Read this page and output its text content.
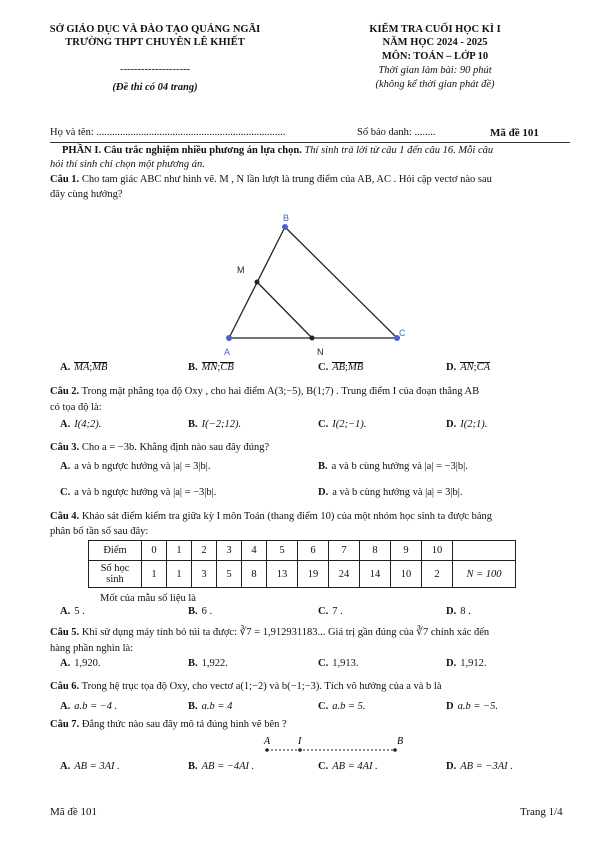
SỞ GIÁO DỤC VÀ ĐÀO TẠO QUẢNG NGÃI
TRƯỜNG THPT CHUYÊN LÊ KHIẾT
--------------------
(Đề thi có 04 trang)
KIỂM TRA CUỐI HỌC KÌ I
NĂM HỌC 2024 - 2025
MÔN: TOÁN – LỚP 10
Thời gian làm bài: 90 phút
(không kể thời gian phát đề)
Họ và tên: ........................................................................	Số báo danh: ........	Mã đề 101
PHẦN I. Câu trắc nghiệm nhiều phương án lựa chọn. Thí sinh trả lời từ câu 1 đến câu 16. Mỗi câu
hỏi thí sinh chỉ chọn một phương án.
Câu 1. Cho tam giác ABC như hình vẽ. M , N lần lượt là trung điểm của AB, AC . Hỏi cặp vectơ nào sau
đây cùng hướng?
B
M
A	N
C
A. MA;MB	B. MN;CB	C. AB;MB	D. AN;CA
Câu 2. Trong mặt phẳng tọa độ Oxy , cho hai điểm A(3;−5), B(1;7) . Trung điểm I của đoạn thẳng AB
có tọa độ là:
A. I(4;2).	B. I(−2;12).	C. I(2;−1).	D. I(2;1).
Câu 3. Cho a = −3b. Khẳng định nào sau đây đúng?
A. a và b ngược hướng và |a| = 3|b|.	B. a và b cùng hướng và |a| = −3|b|.
C. a và b ngược hướng và |a| = −3|b|.	D. a và b cùng hướng và |a| = 3|b|.
Câu 4. Khảo sát điểm kiểm tra giữa kỳ I môn Toán (thang điểm 10) của một nhóm học sinh ta được bảng
phân bố tần số sau đây:
Điểm	0	1	2	3	4	5	6	7	8	9	10	
Số học sinh	1	1	3	5	8	13	19	24	14	10	2	N = 100
Mốt của mẫu số liệu là
A. 5 .	B. 6 .	C. 7 .	D. 8 .
Câu 5. Khi sử dụng máy tính bỏ túi ta được: ∛7 = 1,912931183... Giá trị gần đúng của ∛7 chính xác đến
hàng phần nghìn là:
A. 1,920.	B. 1,922.	C. 1,913.	D. 1,912.
Câu 6. Trong hệ trục tọa độ Oxy, cho vectơ a(1;−2) và b(−1;−3). Tích vô hướng của a và b là
A. a.b = −4 .	B. a.b = 4	C. a.b = 5.	D a.b = −5.
Câu 7. Đẳng thức nào sau đây mô tả đúng hình vẽ bên ?
A	I	B
A. AB = 3AI .	B. AB = −4AI .	C. AB = 4AI .	D. AB = −3AI .
Mã đề 101	Trang 1/4
